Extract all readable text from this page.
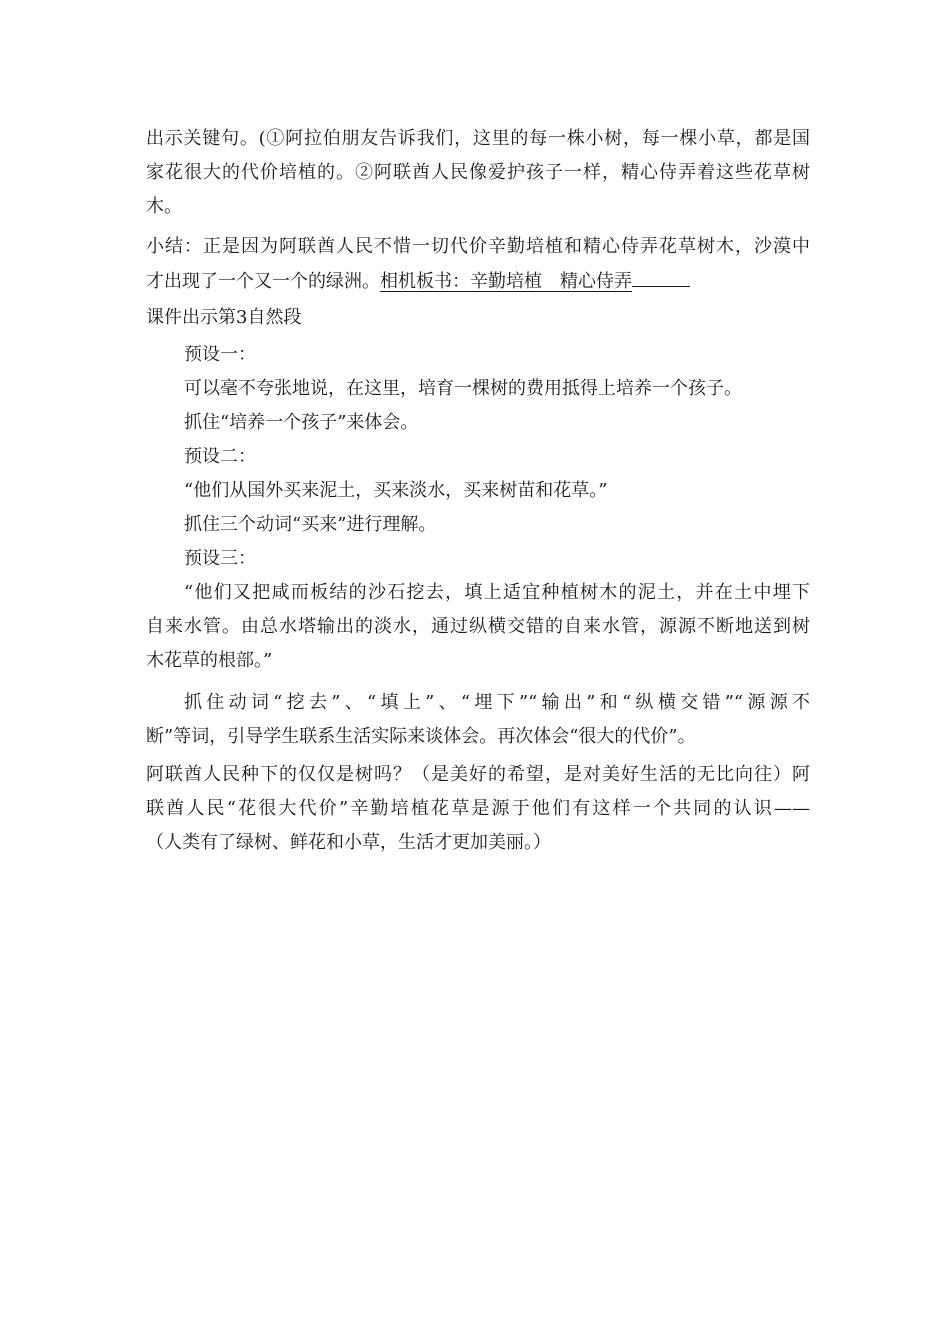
出示关键句。(①阿拉伯朋友告诉我们，这里的每一株小树，每一棵小草，都是国
家花很大的代价培植的。②阿联酋人民像爱护孩子一样，精心侍弄着这些花草树
木。
小结：正是因为阿联酋人民不惜一切代价辛勤培植和精心侍弄花草树木，沙漠中
才出现了一个又一个的绿洲。相机板书：辛勤培植　精心侍弄
课件出示第3自然段
预设一：
可以毫不夸张地说，在这里，培育一棵树的费用抵得上培养一个孩子。
抓住“培养一个孩子”来体会。
预设二：
“他们从国外买来泥土，买来淡水，买来树苗和花草。”
抓住三个动词“买来”进行理解。
预设三：
“他们又把咸而板结的沙石挖去，填上适宜种植树木的泥土，并在土中埋下
自来水管。由总水塔输出的淡水，通过纵横交错的自来水管，源源不断地送到树
木花草的根部。”
抓住动词“挖去”、“填上”、“埋下”“输出”和“纵横交错”“源源不
断”等词，引导学生联系生活实际来谈体会。再次体会“很大的代价”。
阿联酋人民种下的仅仅是树吗？（是美好的希望，是对美好生活的无比向往）阿
联酋人民“花很大代价”辛勤培植花草是源于他们有这样一个共同的认识——
（人类有了绿树、鲜花和小草，生活才更加美丽。）
